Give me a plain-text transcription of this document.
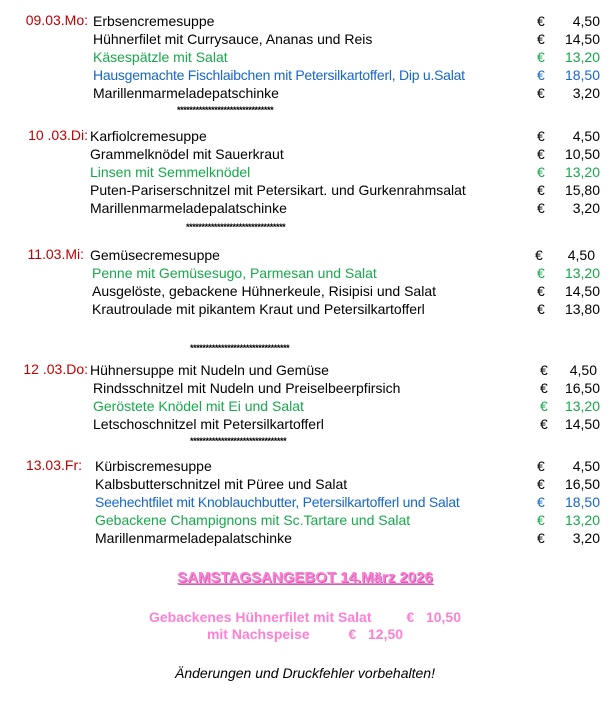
09.03.Mo: Erbsencremesuppe	€	4,50
Hühnerfilet mit Currysauce, Ananas und Reis	€	14,50
Käsespätzle mit Salat	€	13,20
Hausgemachte Fischlaibchen mit Petersilkartofferl, Dip u.Salat	€	18,50
Marillenmarmeladepatschinke	€	3,20
*******************************
10 .03.Di: Karfiolcremesuppe	€	4,50
Grammelknödel mit Sauerkraut	€	10,50
Linsen mit Semmelknödel	€	13,20
Puten-Pariserschnitzel mit Petersikart. und Gurkenrahmsalat	€	15,80
Marillenmarmeladepalatschinke	€	3,20
********************************
11.03.Mi: Gemüsecremesuppe	€	4,50
Penne mit Gemüsesugo, Parmesan und Salat	€	13,20
Ausgelöste, gebackene Hühnerkeule, Risipisi und Salat	€	14,50
Krautroulade mit pikantem Kraut und Petersilkartofferl	€	13,80
********************************
12 .03.Do: Hühnersuppe mit Nudeln und Gemüse	€	4,50
Rindsschnitzel mit Nudeln und Preiselbeerpfirsich	€	16,50
Geröstete Knödel mit Ei und Salat	€	13,20
Letschoschnitzel mit Petersilkartofferl	€	14,50
*******************************
13.03.Fr: Kürbiscremesuppe	€	4,50
Kalbsbutterschnitzel mit Püree und Salat	€	16,50
Seehechtfilet mit Knoblauchbutter, Petersilkartofferl und Salat	€	18,50
Gebackene Champignons mit Sc.Tartare und Salat	€	13,20
Marillenmarmeladepalatschinke	€	3,20
SAMSTAGSANGEBOT 14.März 2026
Gebackenes Hühnerfilet mit Salat         €   10,50
mit Nachspeise          €   12,50
Änderungen und Druckfehler vorbehalten!
